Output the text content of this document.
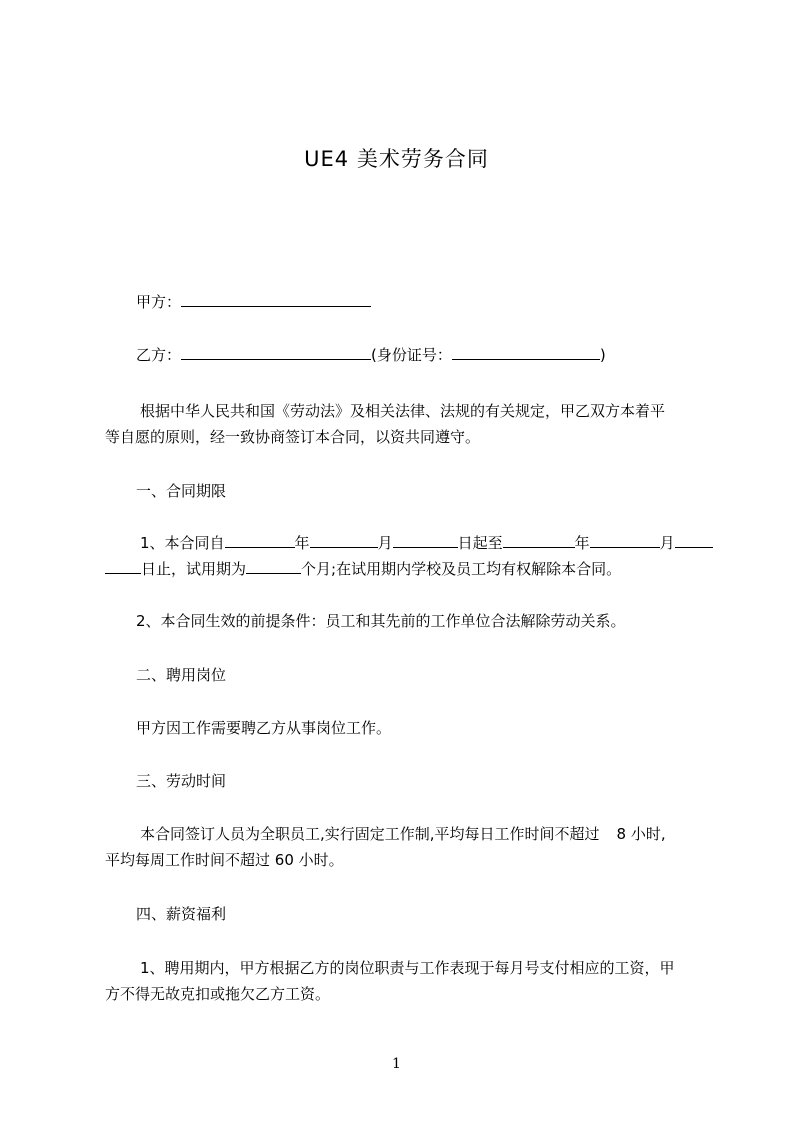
UE4 美术劳务合同
甲方：
乙方：	(身份证号：	)
根据中华人民共和国《劳动法》及相关法律、法规的有关规定，甲乙双方本着平
等自愿的原则，经一致协商签订本合同，以资共同遵守。
一、合同期限
1、本合同自	年	月	日起至	年	月
日止，试用期为	个月;在试用期内学校及员工均有权解除本合同。
2、本合同生效的前提条件：员工和其先前的工作单位合法解除劳动关系。
二、聘用岗位
甲方因工作需要聘乙方从事岗位工作。
三、劳动时间
本合同签订人员为全职员工,实行固定工作制,平均每日工作时间不超过 8 小时,
平均每周工作时间不超过 60 小时。
四、薪资福利
1、聘用期内，甲方根据乙方的岗位职责与工作表现于每月号支付相应的工资，甲
方不得无故克扣或拖欠乙方工资。
1
